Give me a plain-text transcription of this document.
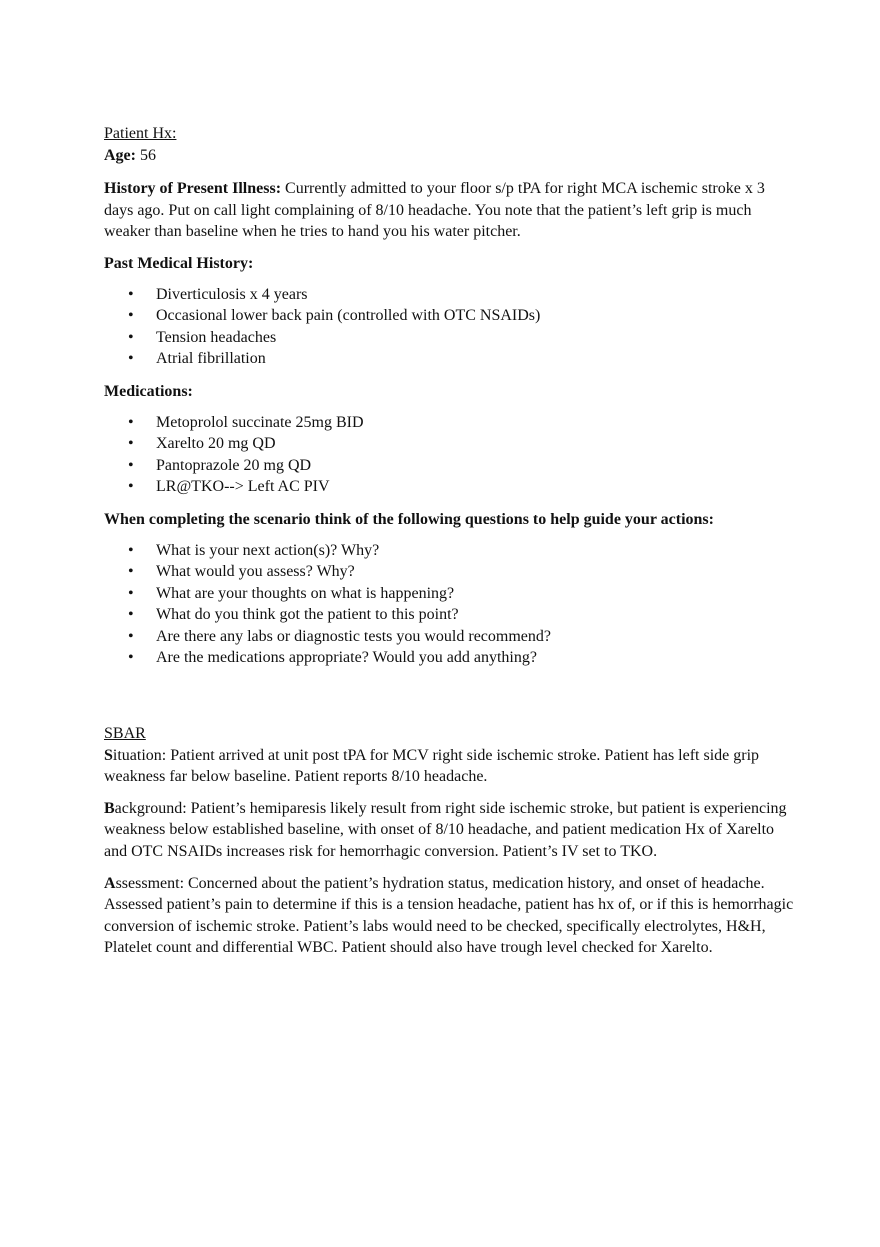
Patient Hx:

Age: 56

History of Present Illness: Currently admitted to your floor s/p tPA for right MCA ischemic stroke x 3 days ago. Put on call light complaining of 8/10 headache. You note that the patient’s left grip is much weaker than baseline when he tries to hand you his water pitcher.

Past Medical History:

• Diverticulosis x 4 years
• Occasional lower back pain (controlled with OTC NSAIDs)
• Tension headaches
• Atrial fibrillation

Medications:

• Metoprolol succinate 25mg BID
• Xarelto 20 mg QD
• Pantoprazole 20 mg QD
• LR@TKO--> Left AC PIV

When completing the scenario think of the following questions to help guide your actions:

• What is your next action(s)? Why?
• What would you assess? Why?
• What are your thoughts on what is happening?
• What do you think got the patient to this point?
• Are there any labs or diagnostic tests you would recommend?
• Are the medications appropriate? Would you add anything?

SBAR

Situation: Patient arrived at unit post tPA for MCV right side ischemic stroke. Patient has left side grip weakness far below baseline. Patient reports 8/10 headache.

Background: Patient’s hemiparesis likely result from right side ischemic stroke, but patient is experiencing weakness below established baseline, with onset of 8/10 headache, and patient medication Hx of Xarelto and OTC NSAIDs increases risk for hemorrhagic conversion. Patient’s IV set to TKO.

Assessment: Concerned about the patient’s hydration status, medication history, and onset of headache. Assessed patient’s pain to determine if this is a tension headache, patient has hx of, or if this is hemorrhagic conversion of ischemic stroke. Patient’s labs would need to be checked, specifically electrolytes, H&H, Platelet count and differential WBC. Patient should also have trough level checked for Xarelto.
